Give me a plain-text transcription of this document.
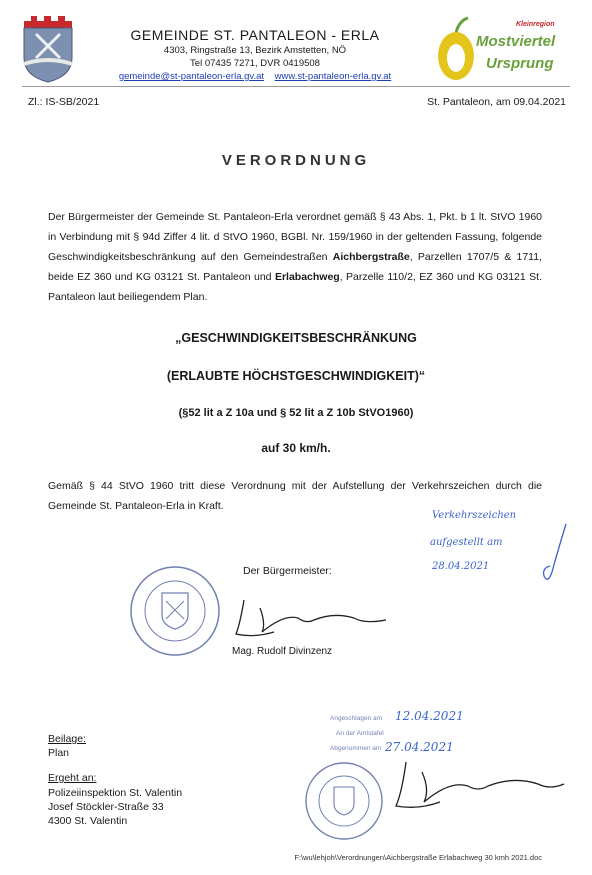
GEMEINDE ST. PANTALEON - ERLA
4303, Ringstraße 13, Bezirk Amstetten, NÖ
Tel 07435 7271, DVR 0419508
gemeinde@st-pantaleon-erla.gv.at www.st-pantaleon-erla.gv.at
Kleinregion
Mostviertel
Ursprung
Zl.: IS-SB/2021	St. Pantaleon, am 09.04.2021
VERORDNUNG
Der Bürgermeister der Gemeinde St. Pantaleon-Erla verordnet gemäß § 43 Abs. 1, Pkt. b 1 lt. StVO 1960 in Verbindung mit § 94d Ziffer 4 lit. d StVO 1960, BGBl. Nr. 159/1960 in der geltenden Fassung, folgende Geschwindigkeitsbeschränkung auf den Gemeindestraßen Aichbergstraße, Parzellen 1707/5 & 1711, beide EZ 360 und KG 03121 St. Pantaleon und Erlabachweg, Parzelle 110/2, EZ 360 und KG 03121 St. Pantaleon laut beiliegendem Plan.
„GESCHWINDIGKEITSBESCHRÄNKUNG
(ERLAUBTE HÖCHSTGESCHWINDIGKEIT)“
(§52 lit a Z 10a und § 52 lit a Z 10b StVO1960)
auf 30 km/h.
Gemäß § 44 StVO 1960 tritt diese Verordnung mit der Aufstellung der Verkehrszeichen durch die Gemeinde St. Pantaleon-Erla in Kraft.
Verkehrszeichen
aufgestellt am
28.04.2021
Der Bürgermeister:
Mag. Rudolf Divinzenz
Angeschlagen am
An der Amtstafel
Abgenommen am
12.04.2021
27.04.2021
Beilage:
Plan
Ergeht an:
Polizeiinspektion St. Valentin
Josef Stöckler-Straße 33
4300 St. Valentin
F:\wu\lehjoh\Verordnungen\Aichbergstraße Erlabachweg 30 kmh 2021.doc
